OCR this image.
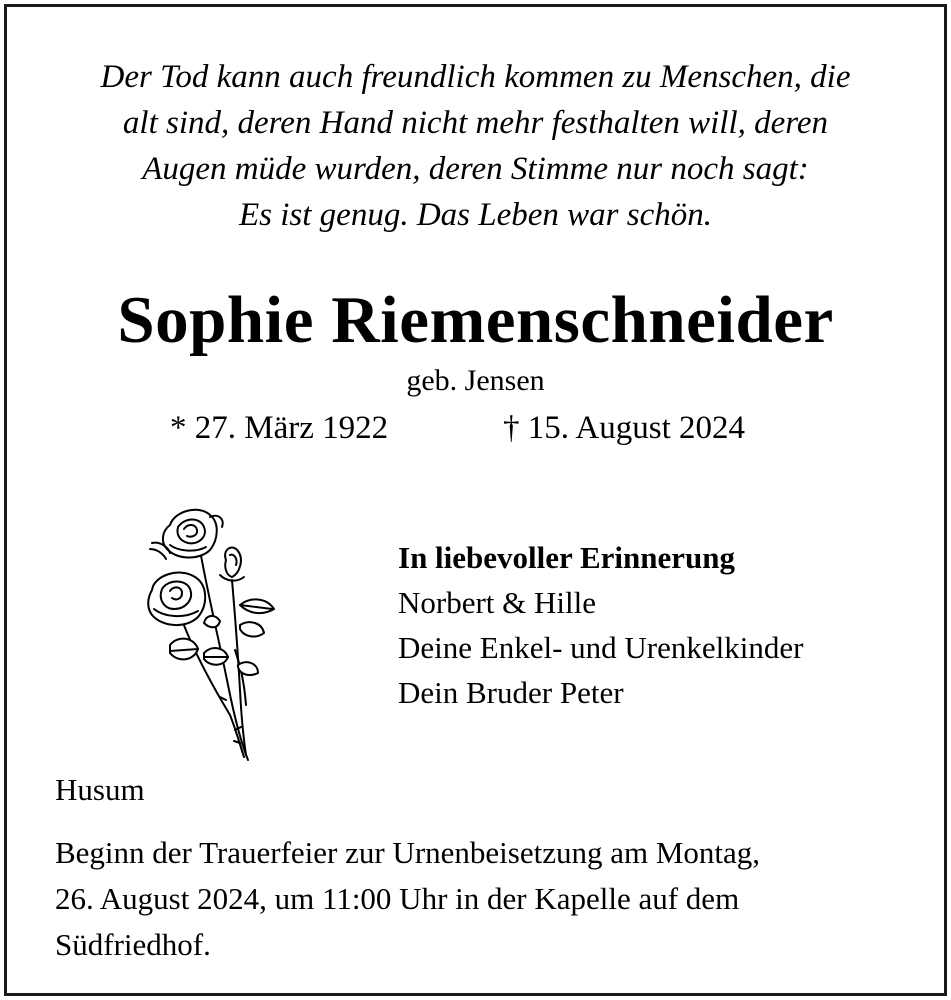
Der Tod kann auch freundlich kommen zu Menschen, die
alt sind, deren Hand nicht mehr festhalten will, deren
Augen müde wurden, deren Stimme nur noch sagt:
Es ist genug. Das Leben war schön.
Sophie Riemenschneider
geb. Jensen
* 27. März 1922	† 15. August 2024
In liebevoller Erinnerung
Norbert & Hille
Deine Enkel- und Urenkelkinder
Dein Bruder Peter
Husum
Beginn der Trauerfeier zur Urnenbeisetzung am Montag,
26. August 2024, um 11:00 Uhr in der Kapelle auf dem
Südfriedhof.
